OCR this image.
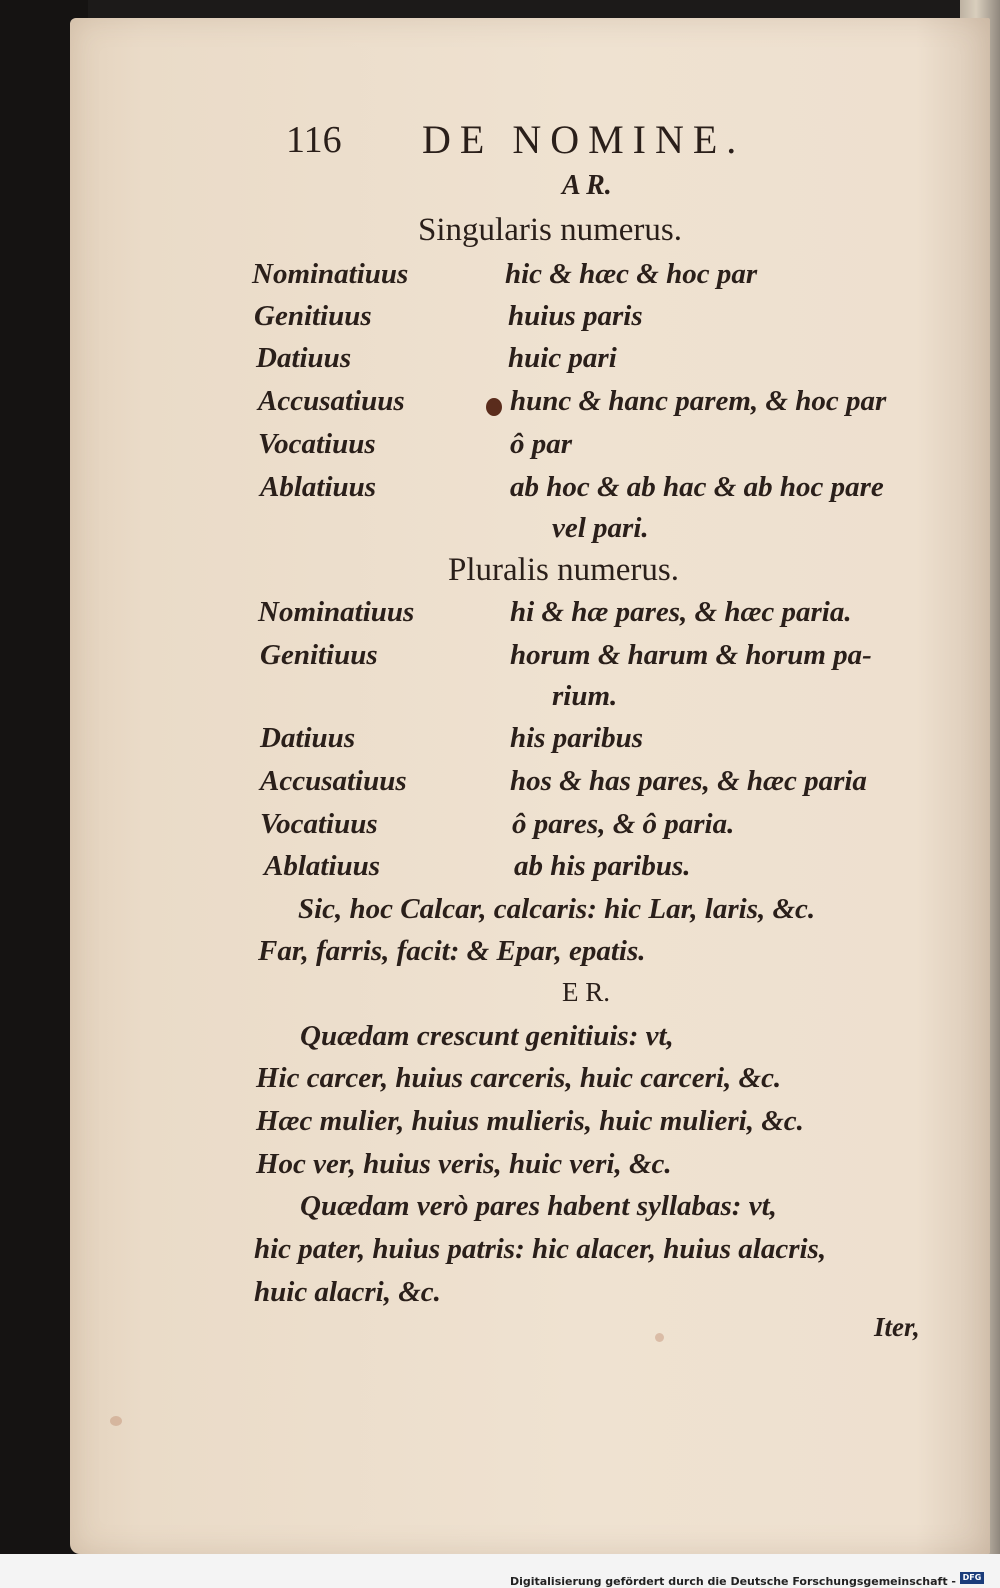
116 DE NOMINE.
A R.
Singularis numerus.
Nominatiuus	hic & hæc & hoc par
Genitiuus	huius paris
Datiuus	huic pari
Accusatiuus	hunc & hanc parem, & hoc par
Vocatiuus	ô par
Ablatiuus	ab hoc & ab hac & ab hoc pare
vel pari.
Pluralis numerus.
Nominatiuus	hi & hæ pares, & hæc paria.
Genitiuus	horum & harum & horum pa-
rium.
Datiuus	his paribus
Accusatiuus	hos & has pares, & hæc paria
Vocatiuus	ô pares, & ô paria.
Ablatiuus	ab his paribus.
Sic, hoc Calcar, calcaris: hic Lar, laris, &c.
Far, farris, facit: & Epar, epatis.
E R.
Quædam crescunt genitiuis: vt,
Hic carcer, huius carceris, huic carceri, &c.
Hæc mulier, huius mulieris, huic mulieri, &c.
Hoc ver, huius veris, huic veri, &c.
Quædam verò pares habent syllabas: vt,
hic pater, huius patris: hic alacer, huius alacris,
huic alacri, &c.
Iter,
Digitalisierung gefördert durch die Deutsche Forschungsgemeinschaft - DFG
